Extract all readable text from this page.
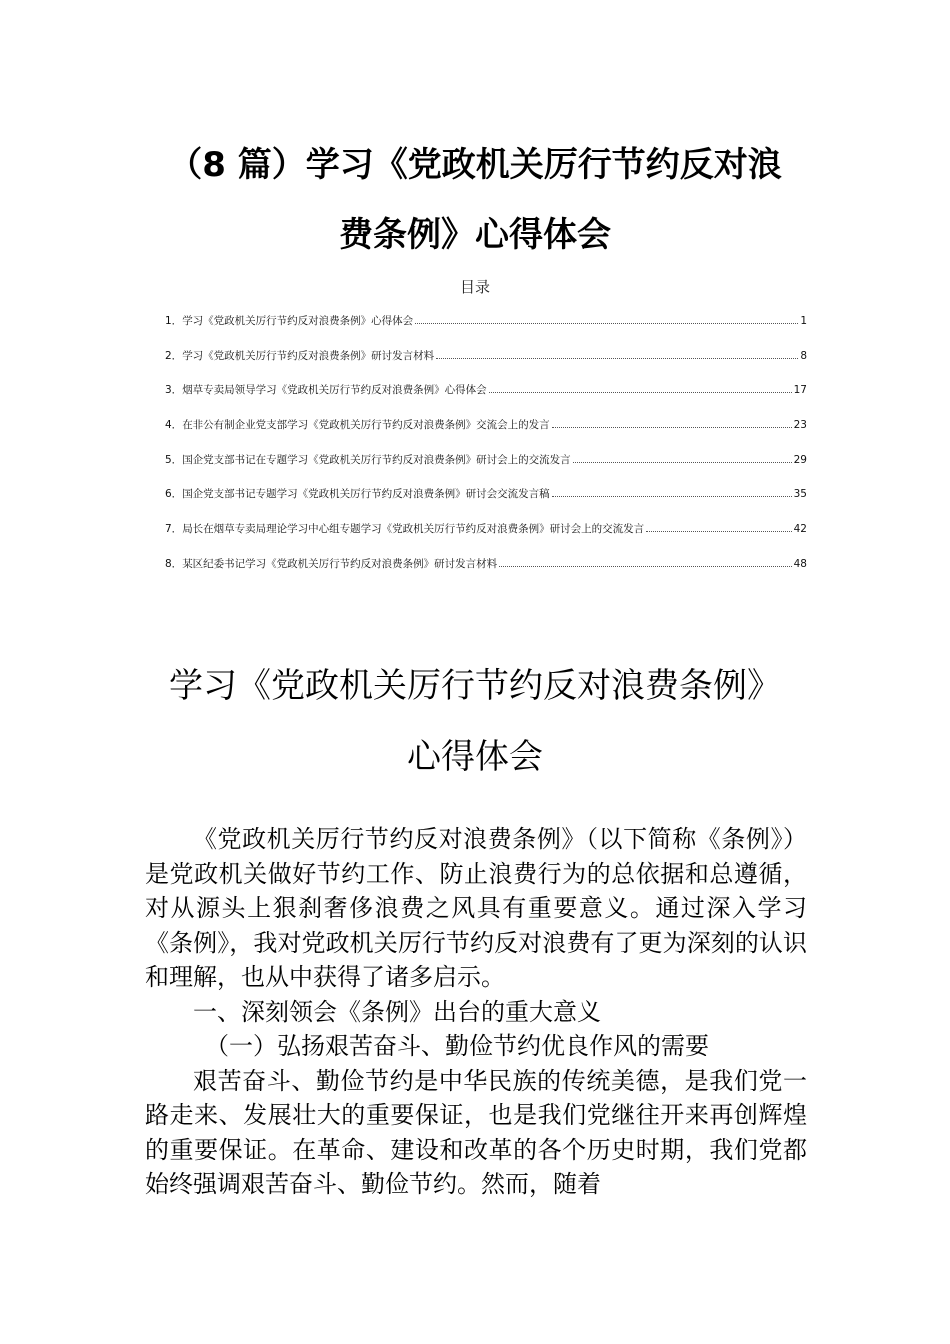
（8 篇）学习《党政机关厉行节约反对浪
费条例》心得体会
目录
1． 学习《党政机关厉行节约反对浪费条例》心得体会	1
2． 学习《党政机关厉行节约反对浪费条例》研讨发言材料	8
3． 烟草专卖局领导学习《党政机关厉行节约反对浪费条例》心得体会	17
4． 在非公有制企业党支部学习《党政机关厉行节约反对浪费条例》交流会上的发言	23
5． 国企党支部书记在专题学习《党政机关厉行节约反对浪费条例》研讨会上的交流发言	29
6． 国企党支部书记专题学习《党政机关厉行节约反对浪费条例》研讨会交流发言稿	35
7． 局长在烟草专卖局理论学习中心组专题学习《党政机关厉行节约反对浪费条例》研讨会上的交流发言	42
8． 某区纪委书记学习《党政机关厉行节约反对浪费条例》研讨发言材料	48
学习《党政机关厉行节约反对浪费条例》
心得体会

《党政机关厉行节约反对浪费条例》（以下简称《条例》）是党政机关做好节约工作、防止浪费行为的总依据和总遵循，对从源头上狠刹奢侈浪费之风具有重要意义。通过深入学习《条例》，我对党政机关厉行节约反对浪费有了更为深刻的认识和理解，也从中获得了诸多启示。

一、深刻领会《条例》出台的重大意义

（一）弘扬艰苦奋斗、勤俭节约优良作风的需要

艰苦奋斗、勤俭节约是中华民族的传统美德，是我们党一路走来、发展壮大的重要保证，也是我们党继往开来再创辉煌的重要保证。在革命、建设和改革的各个历史时期，我们党都始终强调艰苦奋斗、勤俭节约。然而，随着
